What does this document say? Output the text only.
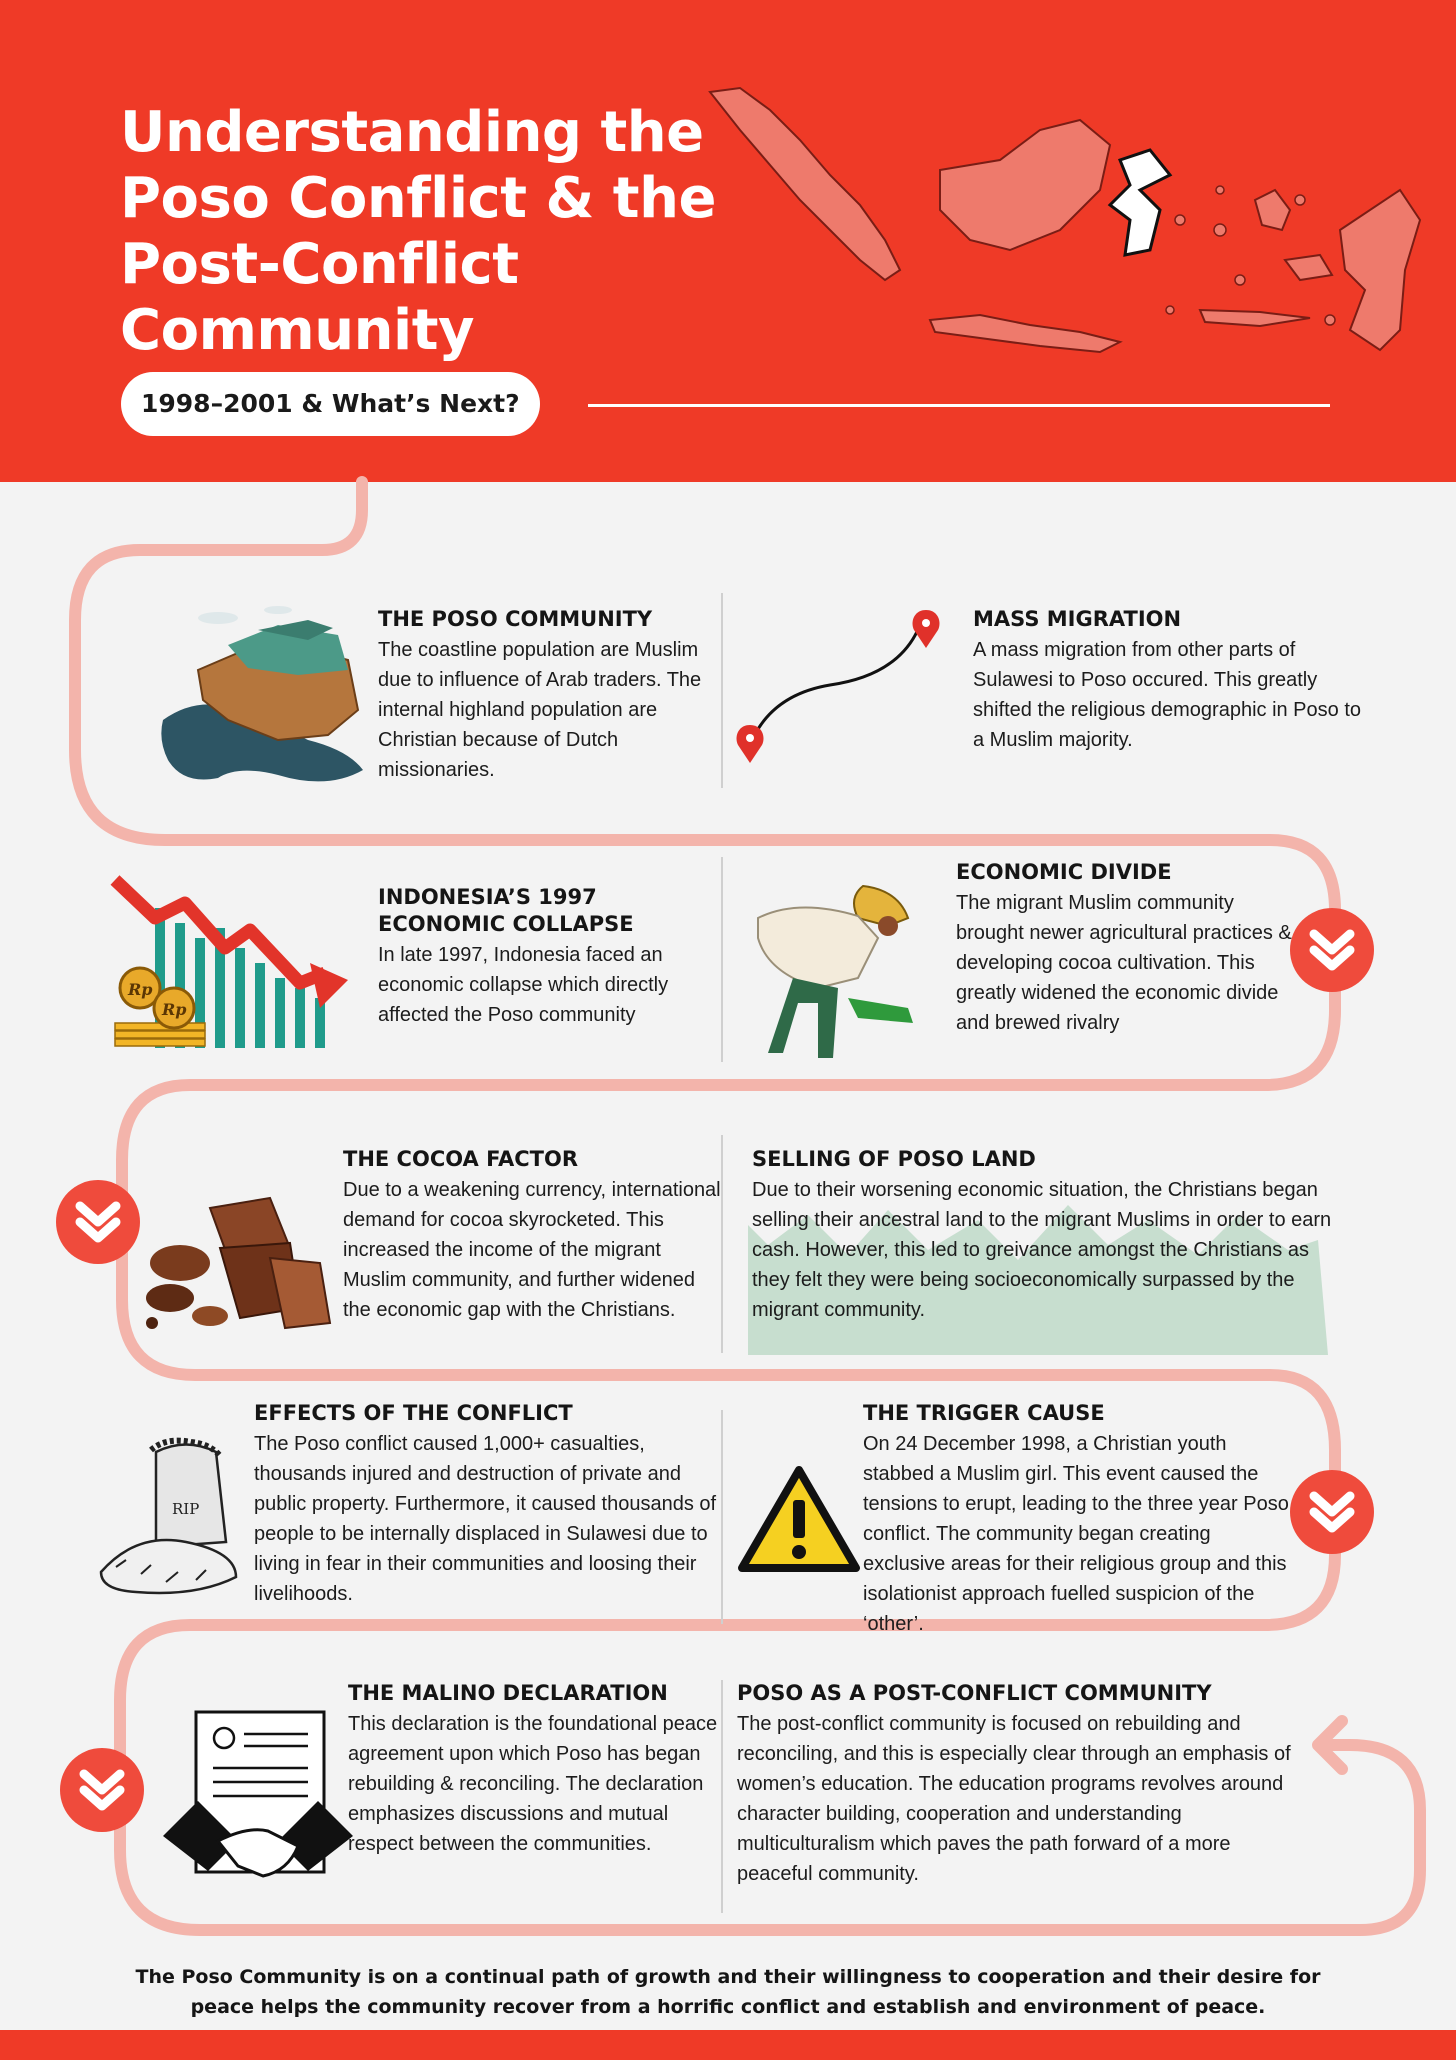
Understanding the Poso Conflict & the Post-Conflict Community
1998–2001 & What’s Next?
Rp
Rp
RIP
THE POSO COMMUNITY

The coastline population are Muslim due to influence of Arab traders. The internal highland population are Christian because of Dutch missionaries.

MASS MIGRATION

A mass migration from other parts of Sulawesi to Poso occured. This greatly shifted the religious demographic in Poso to a Muslim majority.

INDONESIA’S 1997 ECONOMIC COLLAPSE

In late 1997, Indonesia faced an economic collapse which directly affected the Poso community

ECONOMIC DIVIDE

The migrant Muslim community brought newer agricultural practices & developing cocoa cultivation. This greatly widened the economic divide and brewed rivalry

THE COCOA FACTOR

Due to a weakening currency, international demand for cocoa skyrocketed. This increased the income of the migrant Muslim community, and further widened the economic gap with the Christians.

SELLING OF POSO LAND

Due to their worsening economic situation, the Christians began selling their ancestral land to the migrant Muslims in order to earn cash. However, this led to greivance amongst the Christians as they felt they were being socioeconomically surpassed by the migrant community.

EFFECTS OF THE CONFLICT

The Poso conflict caused 1,000+ casualties, thousands injured and destruction of private and public property. Furthermore, it caused thousands of people to be internally displaced in Sulawesi due to living in fear in their communities and loosing their livelihoods.

THE TRIGGER CAUSE

On 24 December 1998, a Christian youth stabbed a Muslim girl. This event caused the tensions to erupt, leading to the three year Poso conflict. The community began creating exclusive areas for their religious group and this isolationist approach fuelled suspicion of the ‘other’.

THE MALINO DECLARATION

This declaration is the foundational peace agreement upon which Poso has began rebuilding & reconciling. The declaration emphasizes discussions and mutual respect between the communities.

POSO AS A POST-CONFLICT COMMUNITY

The post-conflict community is focused on rebuilding and reconciling, and this is especially clear through an emphasis of women’s education. The education programs revolves around character building, cooperation and understanding multiculturalism which paves the path forward of a more peaceful community.

The Poso Community is on a continual path of growth and their willingness to cooperation and their desire for peace helps the community recover from a horrific conflict and establish and environment of peace.
